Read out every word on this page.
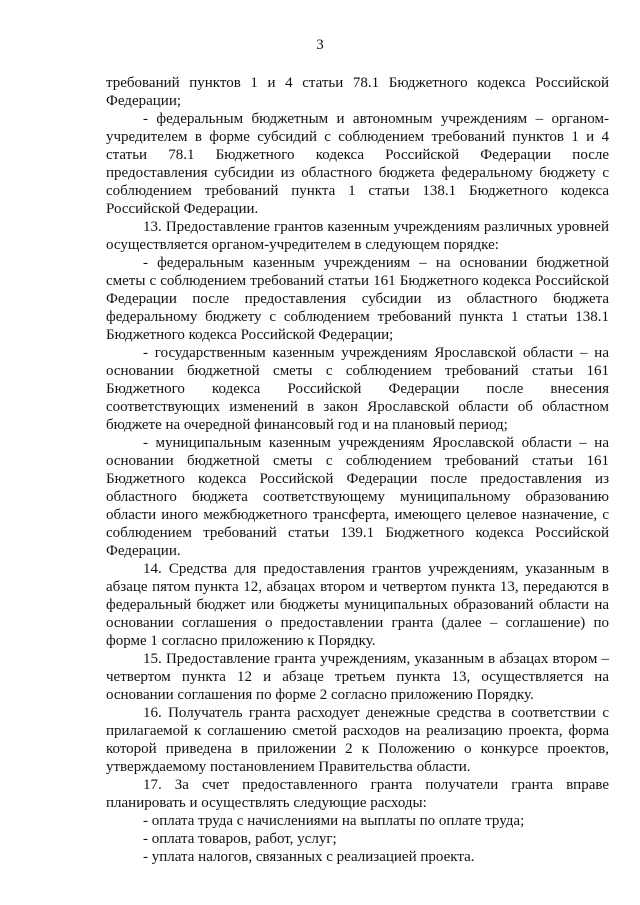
3

требований пунктов 1 и 4 статьи 78.1 Бюджетного кодекса Российской Федерации;

- федеральным бюджетным и автономным учреждениям – органом-учредителем в форме субсидий с соблюдением требований пунктов 1 и 4 статьи 78.1 Бюджетного кодекса Российской Федерации после предоставления субсидии из областного бюджета федеральному бюджету с соблюдением требований пункта 1 статьи 138.1 Бюджетного кодекса Российской Федерации.

13. Предоставление грантов казенным учреждениям различных уровней осуществляется органом-учредителем в следующем порядке:

- федеральным казенным учреждениям – на основании бюджетной сметы с соблюдением требований статьи 161 Бюджетного кодекса Российской Федерации после предоставления субсидии из областного бюджета федеральному бюджету с соблюдением требований пункта 1 статьи 138.1 Бюджетного кодекса Российской Федерации;

- государственным казенным учреждениям Ярославской области – на основании бюджетной сметы с соблюдением требований статьи 161 Бюджетного кодекса Российской Федерации после внесения соответствующих изменений в закон Ярославской области об областном бюджете на очередной финансовый год и на плановый период;

- муниципальным казенным учреждениям Ярославской области – на основании бюджетной сметы с соблюдением требований статьи 161 Бюджетного кодекса Российской Федерации после предоставления из областного бюджета соответствующему муниципальному образованию области иного межбюджетного трансферта, имеющего целевое назначение, с соблюдением требований статьи 139.1 Бюджетного кодекса Российской Федерации.

14. Средства для предоставления грантов учреждениям, указанным в абзаце пятом пункта 12, абзацах втором и четвертом пункта 13, передаются в федеральный бюджет или бюджеты муниципальных образований области на основании соглашения о предоставлении гранта (далее – соглашение) по форме 1 согласно приложению к Порядку.

15. Предоставление гранта учреждениям, указанным в абзацах втором – четвертом пункта 12 и абзаце третьем пункта 13, осуществляется на основании соглашения по форме 2 согласно приложению Порядку.

16. Получатель гранта расходует денежные средства в соответствии с прилагаемой к соглашению сметой расходов на реализацию проекта, форма которой приведена в приложении 2 к Положению о конкурсе проектов, утверждаемому постановлением Правительства области.

17. За счет предоставленного гранта получатели гранта вправе планировать и осуществлять следующие расходы:

- оплата труда с начислениями на выплаты по оплате труда;

- оплата товаров, работ, услуг;

- уплата налогов, связанных с реализацией проекта.
